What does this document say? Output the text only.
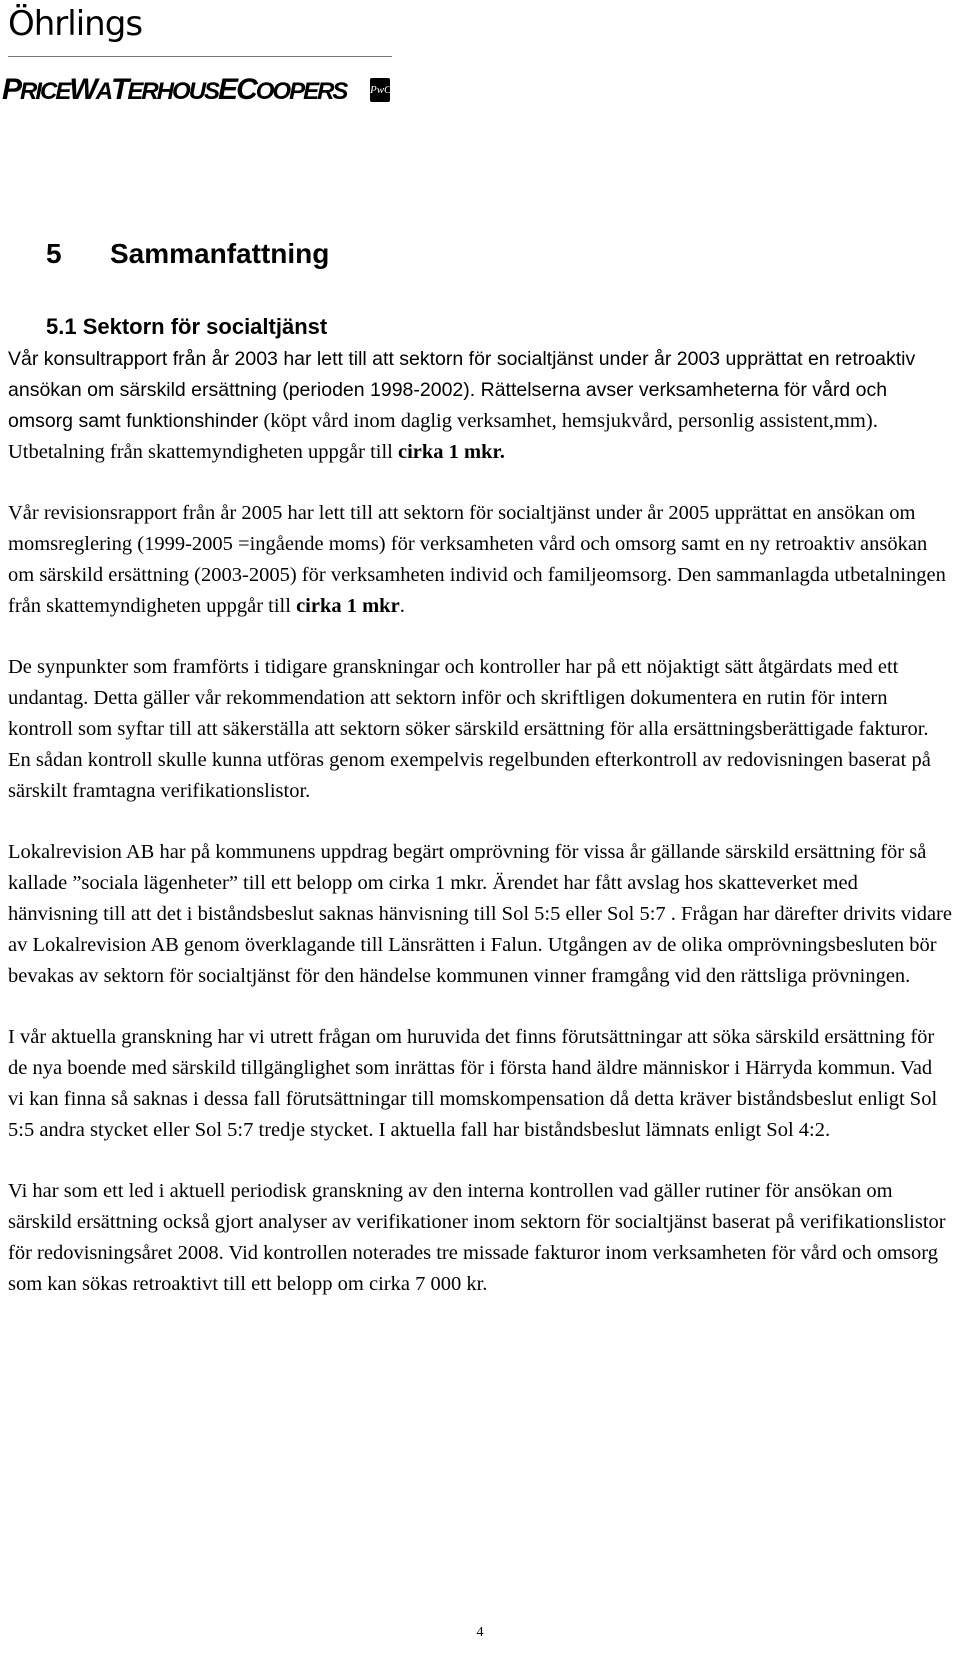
Öhrlings
PRICEWATERHOUSECOOPERS PwC
5 Sammanfattning
5.1 Sektorn för socialtjänst

Vår konsultrapport från år 2003 har lett till att sektorn för socialtjänst under år 2003 upprättat en retroaktiv ansökan om särskild ersättning (perioden 1998-2002). Rättelserna avser verksamheterna för vård och omsorg samt funktionshinder (köpt vård inom daglig verksamhet, hemsjukvård, personlig assistent,mm). Utbetalning från skattemyndigheten uppgår till cirka 1 mkr.

Vår revisionsrapport från år 2005 har lett till att sektorn för socialtjänst under år 2005 upprättat en ansökan om momsreglering (1999-2005 =ingående moms) för verksamheten vård och omsorg samt en ny retroaktiv ansökan om särskild ersättning (2003-2005) för verksamheten individ och familjeomsorg. Den sammanlagda utbetalningen från skattemyndigheten uppgår till cirka 1 mkr.

De synpunkter som framförts i tidigare granskningar och kontroller har på ett nöjaktigt sätt åtgärdats med ett undantag. Detta gäller vår rekommendation att sektorn inför och skriftligen dokumentera en rutin för intern kontroll som syftar till att säkerställa att sektorn söker särskild ersättning för alla ersättningsberättigade fakturor. En sådan kontroll skulle kunna utföras genom exempelvis regelbunden efterkontroll av redovisningen baserat på särskilt framtagna verifikationslistor.

Lokalrevision AB har på kommunens uppdrag begärt omprövning för vissa år gällande särskild ersättning för så kallade ”sociala lägenheter” till ett belopp om cirka 1 mkr. Ärendet har fått avslag hos skatteverket med hänvisning till att det i biståndsbeslut saknas hänvisning till Sol 5:5 eller Sol 5:7 . Frågan har därefter drivits vidare av Lokalrevision AB genom överklagande till Länsrätten i Falun. Utgången av de olika omprövningsbesluten bör bevakas av sektorn för socialtjänst för den händelse kommunen vinner framgång vid den rättsliga prövningen.

I vår aktuella granskning har vi utrett frågan om huruvida det finns förutsättningar att söka särskild ersättning för de nya boende med särskild tillgänglighet som inrättas för i första hand äldre människor i Härryda kommun. Vad vi kan finna så saknas i dessa fall förutsättningar till momskompensation då detta kräver biståndsbeslut enligt Sol 5:5 andra stycket eller Sol 5:7 tredje stycket. I aktuella fall har biståndsbeslut lämnats enligt Sol 4:2.

Vi har som ett led i aktuell periodisk granskning av den interna kontrollen vad gäller rutiner för ansökan om särskild ersättning också gjort analyser av verifikationer inom sektorn för socialtjänst baserat på verifikationslistor för redovisningsåret 2008. Vid kontrollen noterades tre missade fakturor inom verksamheten för vård och omsorg som kan sökas retroaktivt till ett belopp om cirka 7 000 kr.

4
